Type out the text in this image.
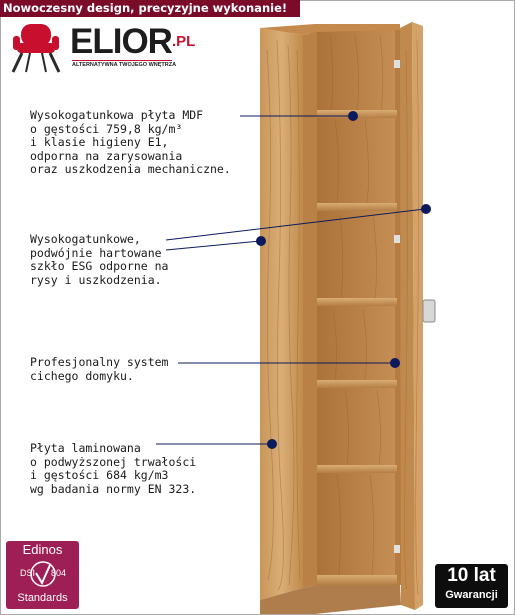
Nowoczesny design, precyzyjne wykonanie!
$ELIOR^{.PL}$
ALTERNATYWNA TWOJEGO WNĘTRZA
Wysokogatunkowa płyta MDF
o gęstości 759,8 kg/m³
i klasie higieny E1,
odporna na zarysowania
oraz uszkodzenia mechaniczne.
Wysokogatunkowe,
podwójnie hartowane
szkło ESG odporne na
rysy i uszkodzenia.
Profesjonalny system
cichego domyku.
Płyta laminowana
o podwyższonej trwałości
i gęstości 684 kg/m3
wg badania normy EN 323.
Edinos
DSI 804
Standards
10 lat
Gwarancji
